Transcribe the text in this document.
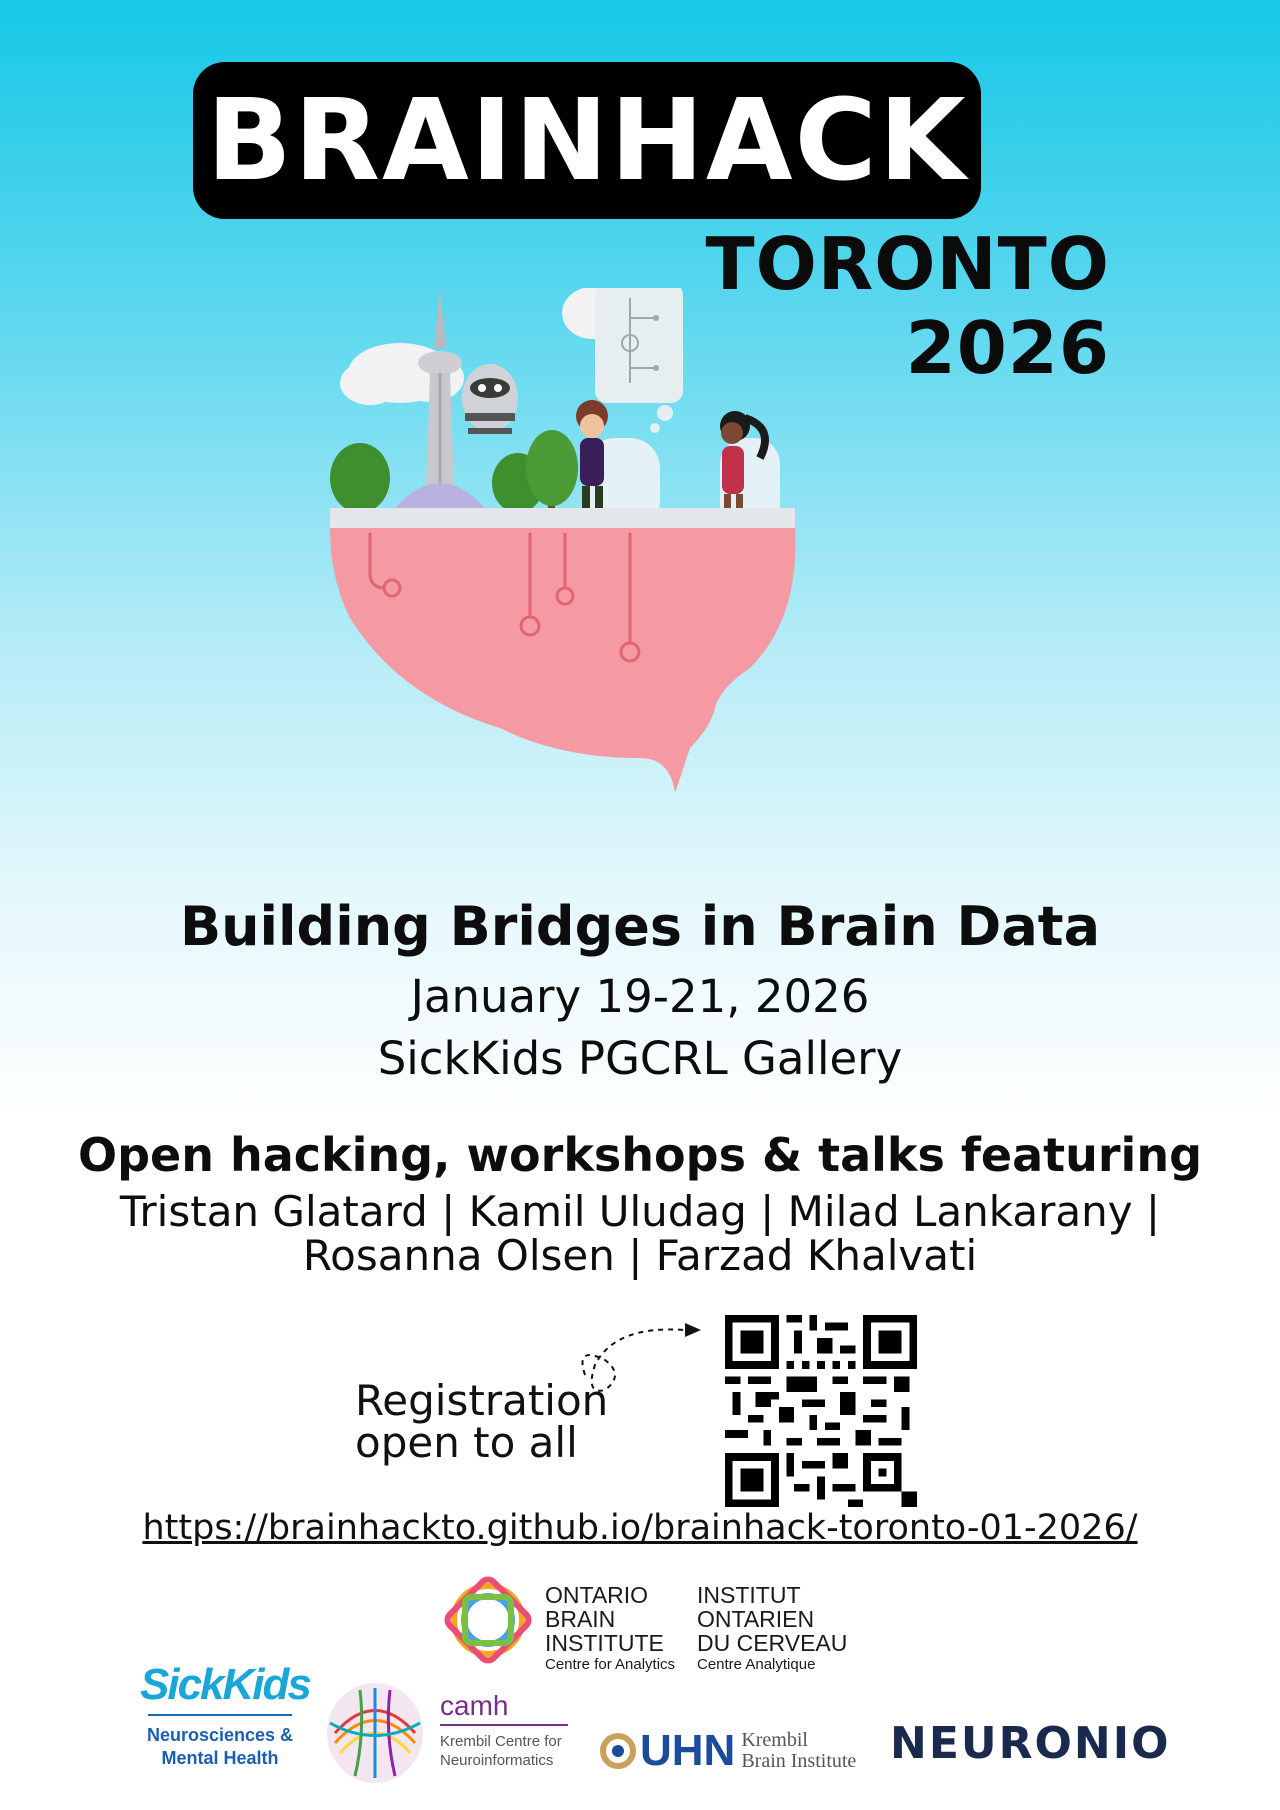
BRAINHACK
TORONTO 2026
Building Bridges in Brain Data
January 19-21, 2026
SickKids PGCRL Gallery
Open hacking, workshops & talks featuring
Tristan Glatard | Kamil Uludag | Milad Lankarany |
Rosanna Olsen | Farzad Khalvati
Registration
open to all
https://brainhackto.github.io/brainhack-toronto-01-2026/
ONTARIO
BRAIN
INSTITUTE
Centre for Analytics
INSTITUT
ONTARIEN
DU CERVEAU
Centre Analytique
SickKids
Neurosciences &
Mental Health
camh
Krembil Centre for
Neuroinformatics	UHN Krembil
Brain Institute NEURONIO
